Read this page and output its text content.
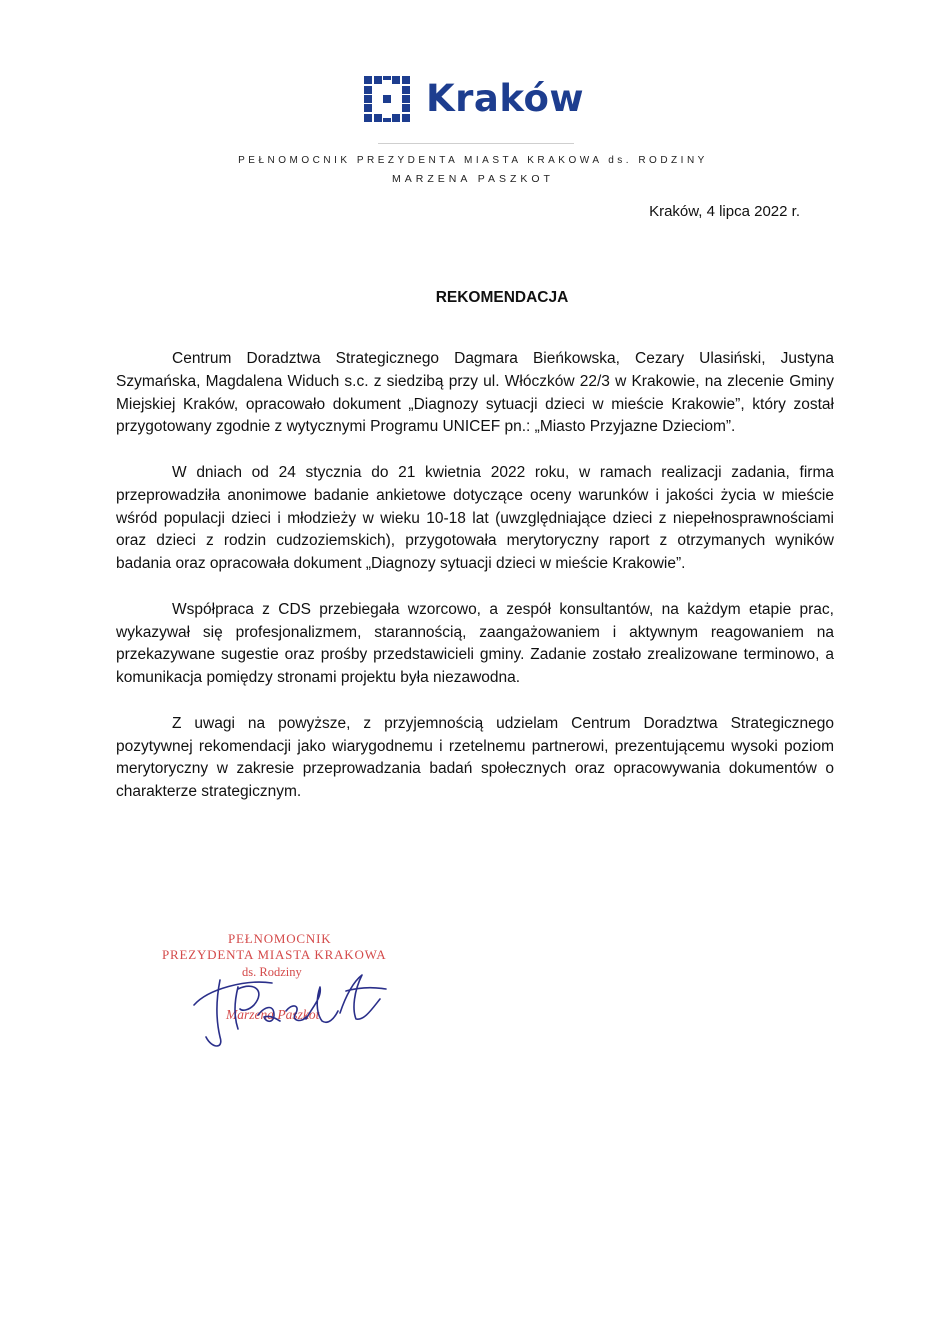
Kraków
PEŁNOMOCNIK PREZYDENTA MIASTA KRAKOWA ds. RODZINY
MARZENA PASZKOT
Kraków, 4 lipca 2022 r.
REKOMENDACJA

Centrum Doradztwa Strategicznego Dagmara Bieńkowska, Cezary Ulasiński, Justyna Szymańska, Magdalena Widuch s.c. z siedzibą przy ul. Włóczków 22/3 w Krakowie, na zlecenie Gminy Miejskiej Kraków, opracowało dokument „Diagnozy sytuacji dzieci w mieście Krakowie”, który został przygotowany zgodnie z wytycznymi Programu UNICEF pn.: „Miasto Przyjazne Dzieciom”.

W dniach od 24 stycznia do 21 kwietnia 2022 roku, w ramach realizacji zadania, firma przeprowadziła anonimowe badanie ankietowe dotyczące oceny warunków i jakości życia w mieście wśród populacji dzieci i młodzieży w wieku 10-18 lat (uwzględniające dzieci z niepełnosprawnościami oraz dzieci z rodzin cudzoziemskich), przygotowała merytoryczny raport z otrzymanych wyników badania oraz opracowała dokument „Diagnozy sytuacji dzieci w mieście Krakowie”.

Współpraca z CDS przebiegała wzorcowo, a zespół konsultantów, na każdym etapie prac, wykazywał się profesjonalizmem, starannością, zaangażowaniem i aktywnym reagowaniem na przekazywane sugestie oraz prośby przedstawicieli gminy. Zadanie zostało zrealizowane terminowo, a komunikacja pomiędzy stronami projektu była niezawodna.

Z uwagi na powyższe, z przyjemnością udzielam Centrum Doradztwa Strategicznego pozytywnej rekomendacji jako wiarygodnemu i rzetelnemu partnerowi, prezentującemu wysoki poziom merytoryczny w zakresie przeprowadzania badań społecznych oraz opracowywania dokumentów o charakterze strategicznym.

PEŁNOMOCNIK
PREZYDENTA MIASTA KRAKOWA
ds. Rodziny
Marzena Paszkot
